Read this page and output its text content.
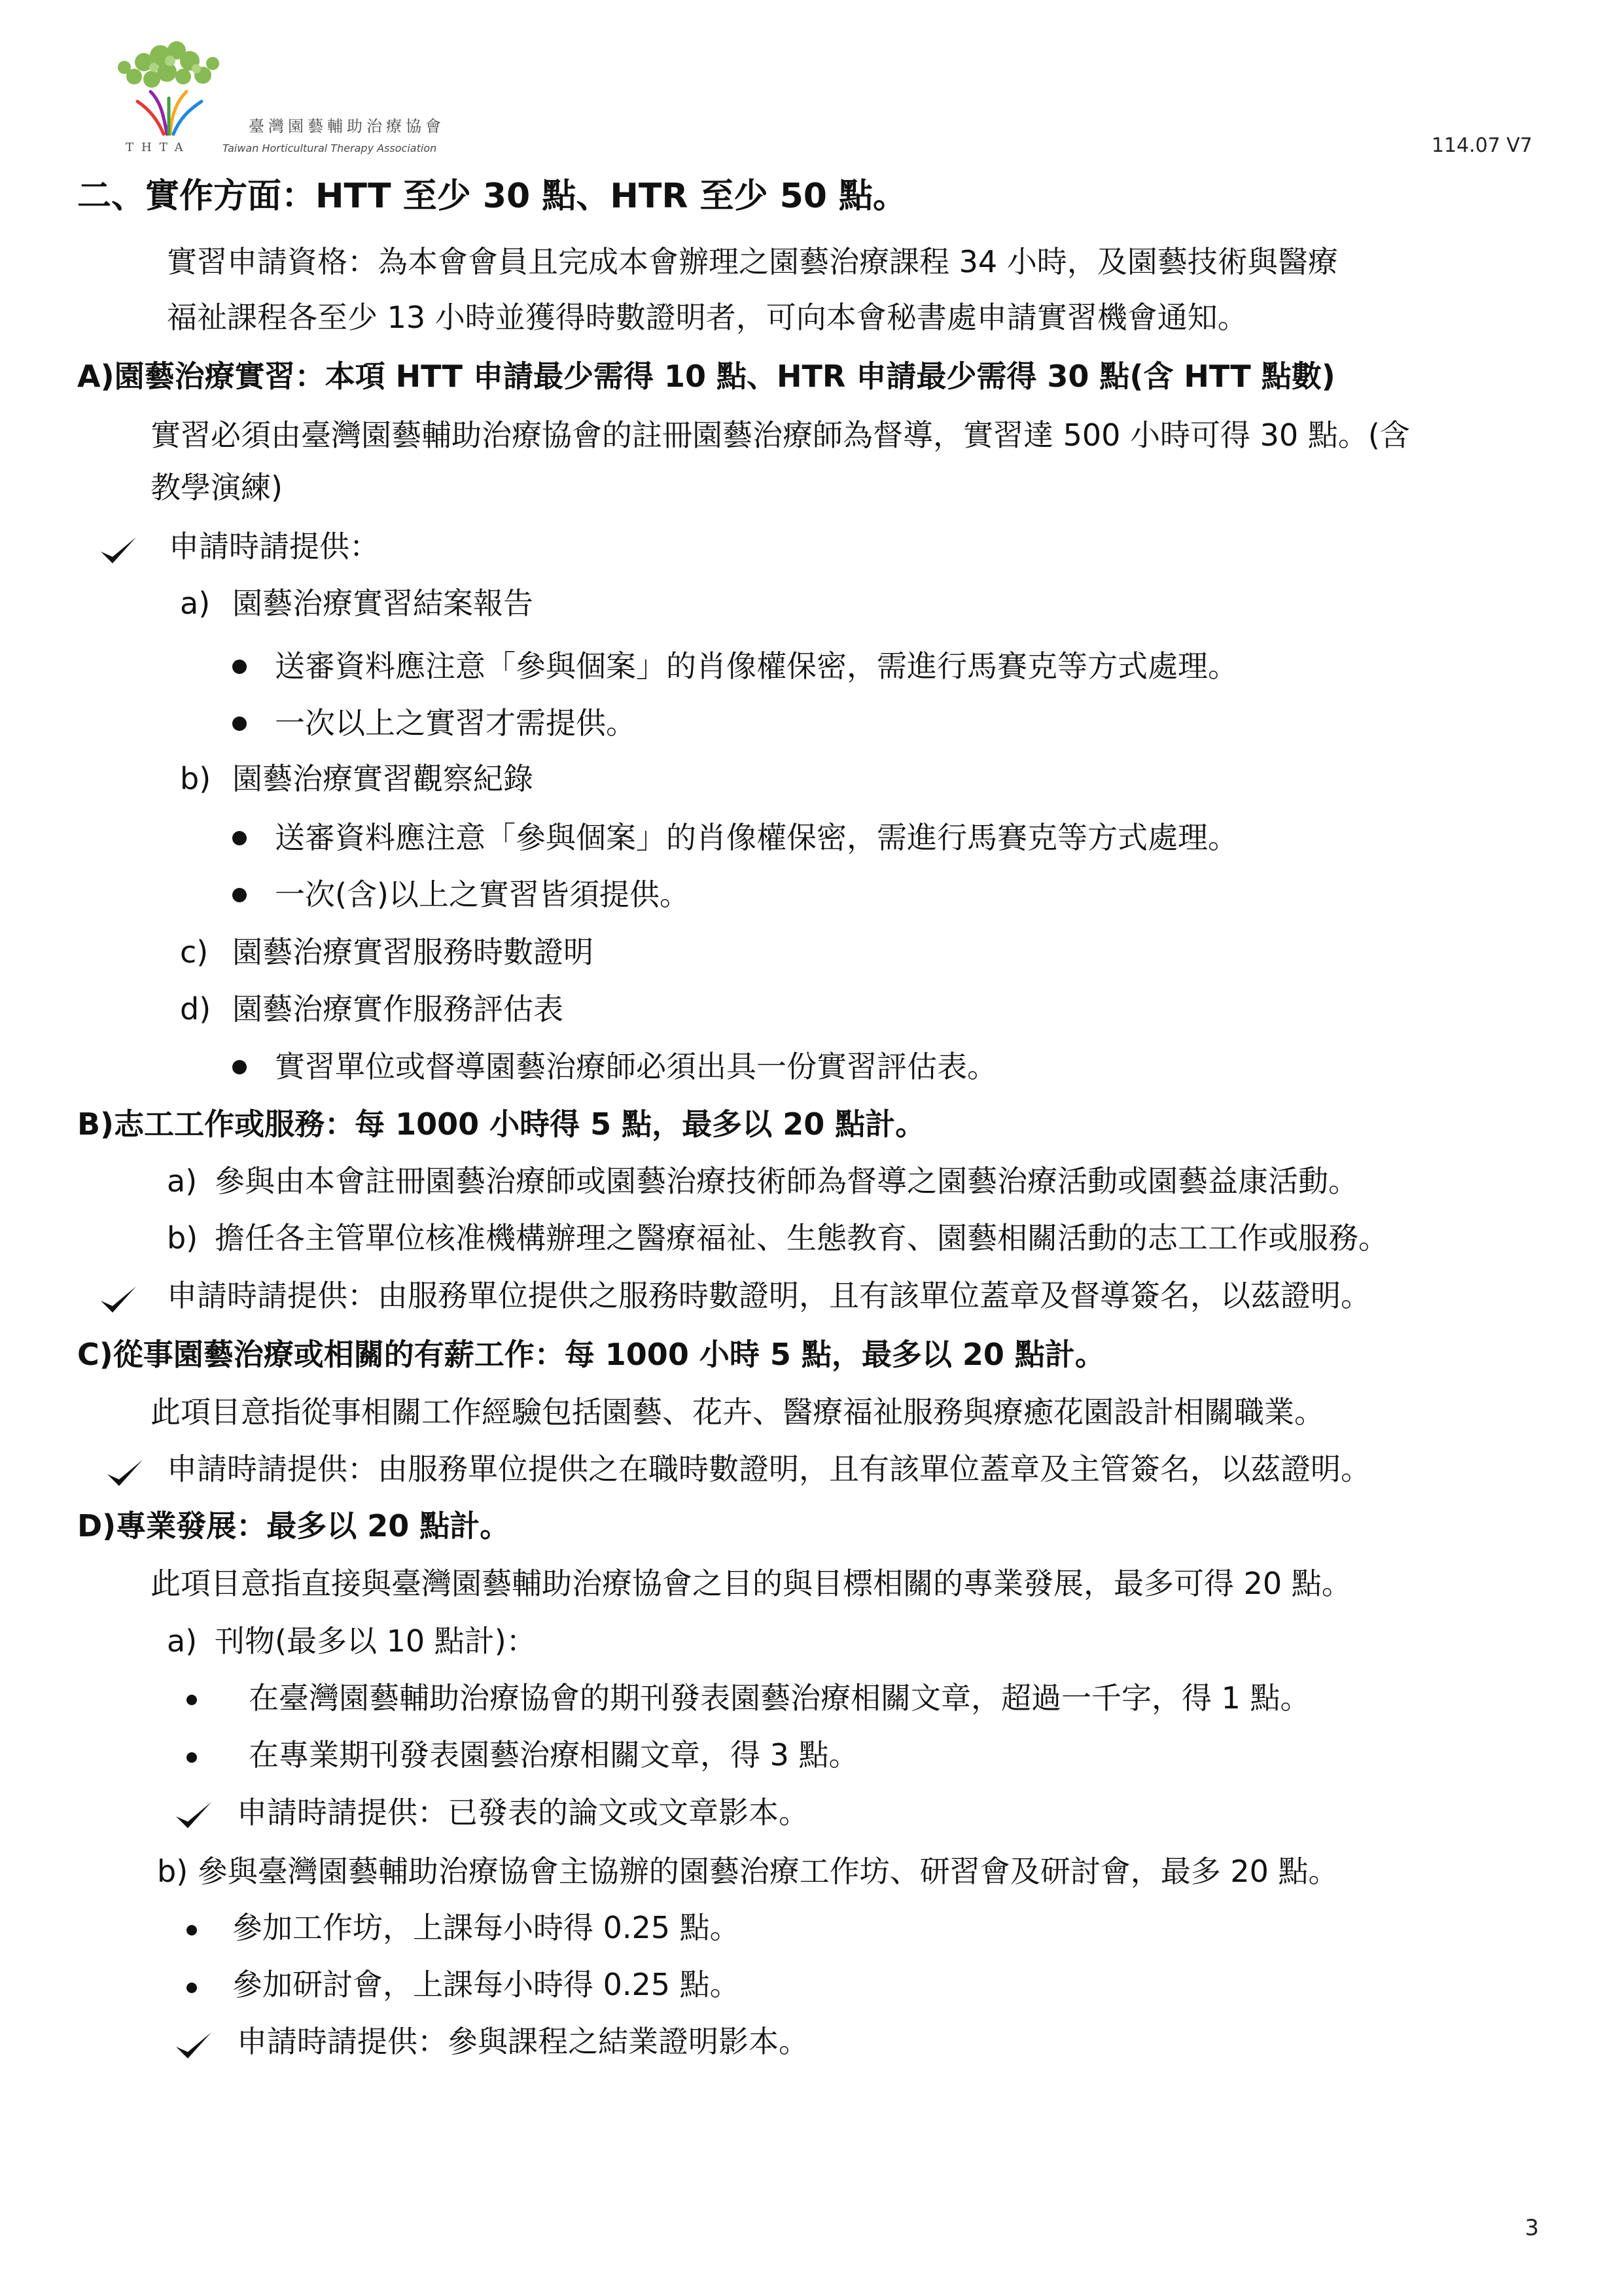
臺灣園藝輔助治療協會
THTA	Taiwan Horticultural Therapy Association	114.07 V7
二、實作方面：HTT 至少 30 點、HTR 至少 50 點。
實習申請資格：為本會會員且完成本會辦理之園藝治療課程 34 小時，及園藝技術與醫療
福祉課程各至少 13 小時並獲得時數證明者，可向本會秘書處申請實習機會通知。
A)園藝治療實習：本項 HTT 申請最少需得 10 點、HTR 申請最少需得 30 點(含 HTT 點數)
實習必須由臺灣園藝輔助治療協會的註冊園藝治療師為督導，實習達 500 小時可得 30 點。(含
教學演練)
申請時請提供：
a) 園藝治療實習結案報告
送審資料應注意「參與個案」的肖像權保密，需進行馬賽克等方式處理。
一次以上之實習才需提供。
b) 園藝治療實習觀察紀錄
送審資料應注意「參與個案」的肖像權保密，需進行馬賽克等方式處理。
一次(含)以上之實習皆須提供。
c) 園藝治療實習服務時數證明
d) 園藝治療實作服務評估表
實習單位或督導園藝治療師必須出具一份實習評估表。
B)志工工作或服務：每 1000 小時得 5 點，最多以 20 點計。
a) 參與由本會註冊園藝治療師或園藝治療技術師為督導之園藝治療活動或園藝益康活動。
b) 擔任各主管單位核准機構辦理之醫療福祉、生態教育、園藝相關活動的志工工作或服務。
申請時請提供：由服務單位提供之服務時數證明，且有該單位蓋章及督導簽名，以茲證明。
C)從事園藝治療或相關的有薪工作：每 1000 小時 5 點，最多以 20 點計。
此項目意指從事相關工作經驗包括園藝、花卉、醫療福祉服務與療癒花園設計相關職業。
申請時請提供：由服務單位提供之在職時數證明，且有該單位蓋章及主管簽名，以茲證明。
D)專業發展：最多以 20 點計。
此項目意指直接與臺灣園藝輔助治療協會之目的與目標相關的專業發展，最多可得 20 點。
a) 刊物(最多以 10 點計)：
在臺灣園藝輔助治療協會的期刊發表園藝治療相關文章，超過一千字，得 1 點。
在專業期刊發表園藝治療相關文章，得 3 點。
申請時請提供：已發表的論文或文章影本。
b) 參與臺灣園藝輔助治療協會主協辦的園藝治療工作坊、研習會及研討會，最多 20 點。
參加工作坊，上課每小時得 0.25 點。
參加研討會，上課每小時得 0.25 點。
申請時請提供：參與課程之結業證明影本。
3
